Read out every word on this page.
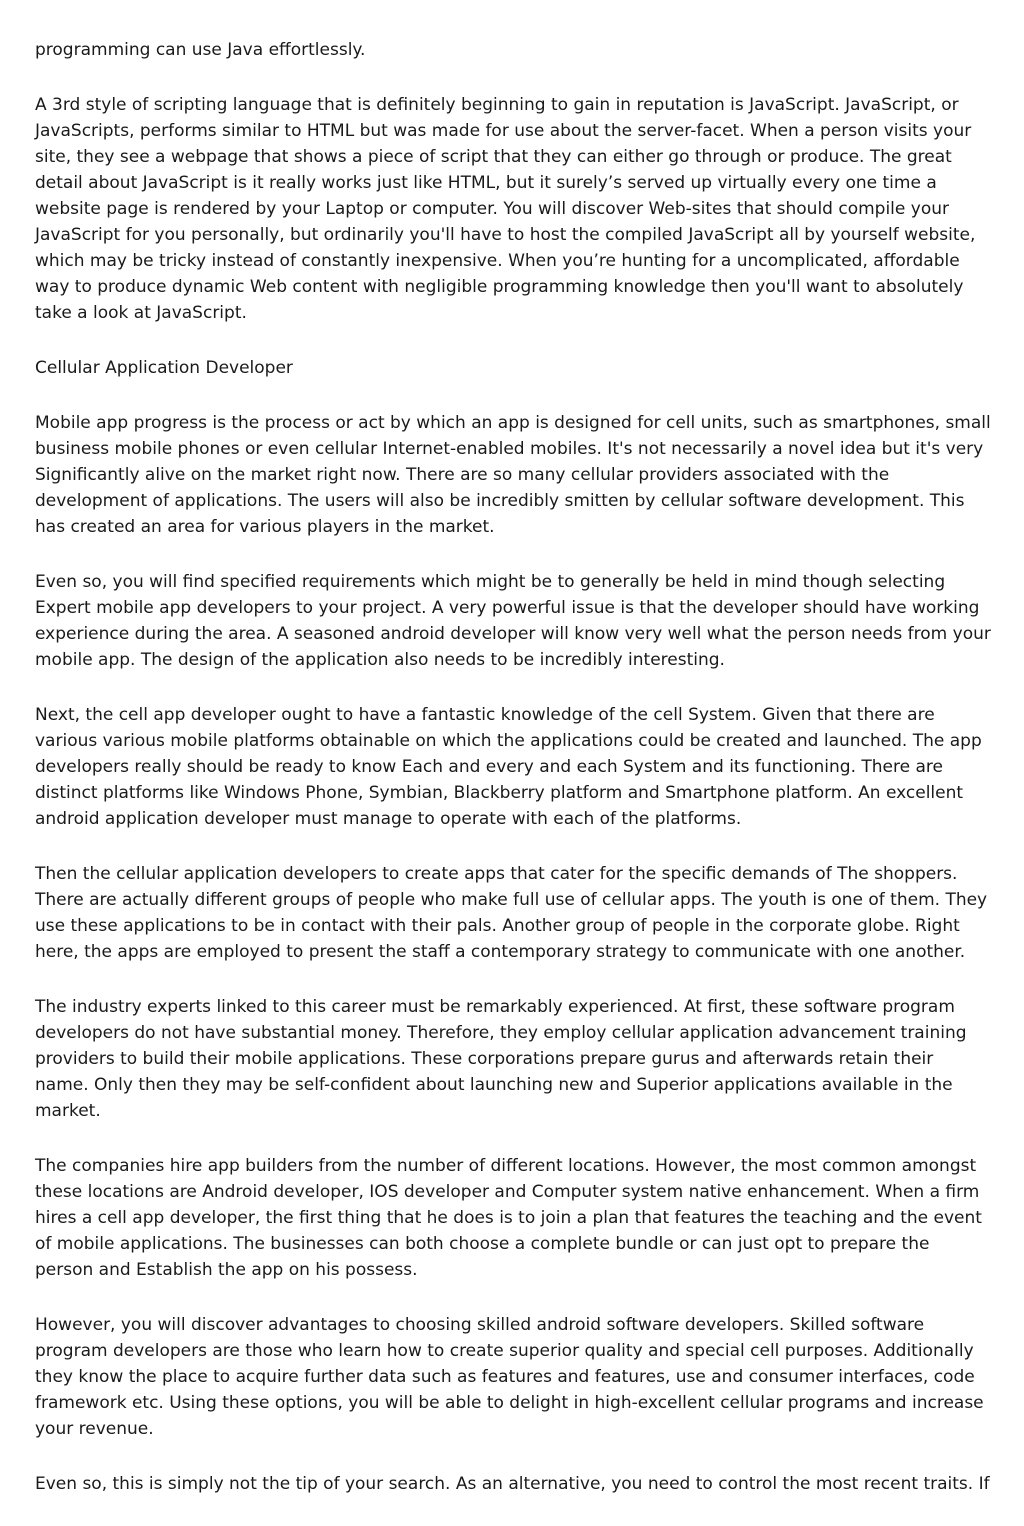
programming can use Java effortlessly.

A 3rd style of scripting language that is definitely beginning to gain in reputation is JavaScript. JavaScript, or JavaScripts, performs similar to HTML but was made for use about the server-facet. When a person visits your site, they see a webpage that shows a piece of script that they can either go through or produce. The great detail about JavaScript is it really works just like HTML, but it surely’s served up virtually every one time a website page is rendered by your Laptop or computer. You will discover Web-sites that should compile your JavaScript for you personally, but ordinarily you'll have to host the compiled JavaScript all by yourself website, which may be tricky instead of constantly inexpensive. When you’re hunting for a uncomplicated, affordable way to produce dynamic Web content with negligible programming knowledge then you'll want to absolutely take a look at JavaScript.

Cellular Application Developer

Mobile app progress is the process or act by which an app is designed for cell units, such as smartphones, small business mobile phones or even cellular Internet-enabled mobiles. It's not necessarily a novel idea but it's very Significantly alive on the market right now. There are so many cellular providers associated with the development of applications. The users will also be incredibly smitten by cellular software development. This has created an area for various players in the market.

Even so, you will find specified requirements which might be to generally be held in mind though selecting Expert mobile app developers to your project. A very powerful issue is that the developer should have working experience during the area. A seasoned android developer will know very well what the person needs from your mobile app. The design of the application also needs to be incredibly interesting.

Next, the cell app developer ought to have a fantastic knowledge of the cell System. Given that there are various various mobile platforms obtainable on which the applications could be created and launched. The app developers really should be ready to know Each and every and each System and its functioning. There are distinct platforms like Windows Phone, Symbian, Blackberry platform and Smartphone platform. An excellent android application developer must manage to operate with each of the platforms.

Then the cellular application developers to create apps that cater for the specific demands of The shoppers. There are actually different groups of people who make full use of cellular apps. The youth is one of them. They use these applications to be in contact with their pals. Another group of people in the corporate globe. Right here, the apps are employed to present the staff a contemporary strategy to communicate with one another.

The industry experts linked to this career must be remarkably experienced. At first, these software program developers do not have substantial money. Therefore, they employ cellular application advancement training providers to build their mobile applications. These corporations prepare gurus and afterwards retain their name. Only then they may be self-confident about launching new and Superior applications available in the market.

The companies hire app builders from the number of different locations. However, the most common amongst these locations are Android developer, IOS developer and Computer system native enhancement. When a firm hires a cell app developer, the first thing that he does is to join a plan that features the teaching and the event of mobile applications. The businesses can both choose a complete bundle or can just opt to prepare the person and Establish the app on his possess.

However, you will discover advantages to choosing skilled android software developers. Skilled software program developers are those who learn how to create superior quality and special cell purposes. Additionally they know the place to acquire further data such as features and features, use and consumer interfaces, code framework etc. Using these options, you will be able to delight in high-excellent cellular programs and increase your revenue.

Even so, this is simply not the tip of your search. As an alternative, you need to control the most recent traits. If
